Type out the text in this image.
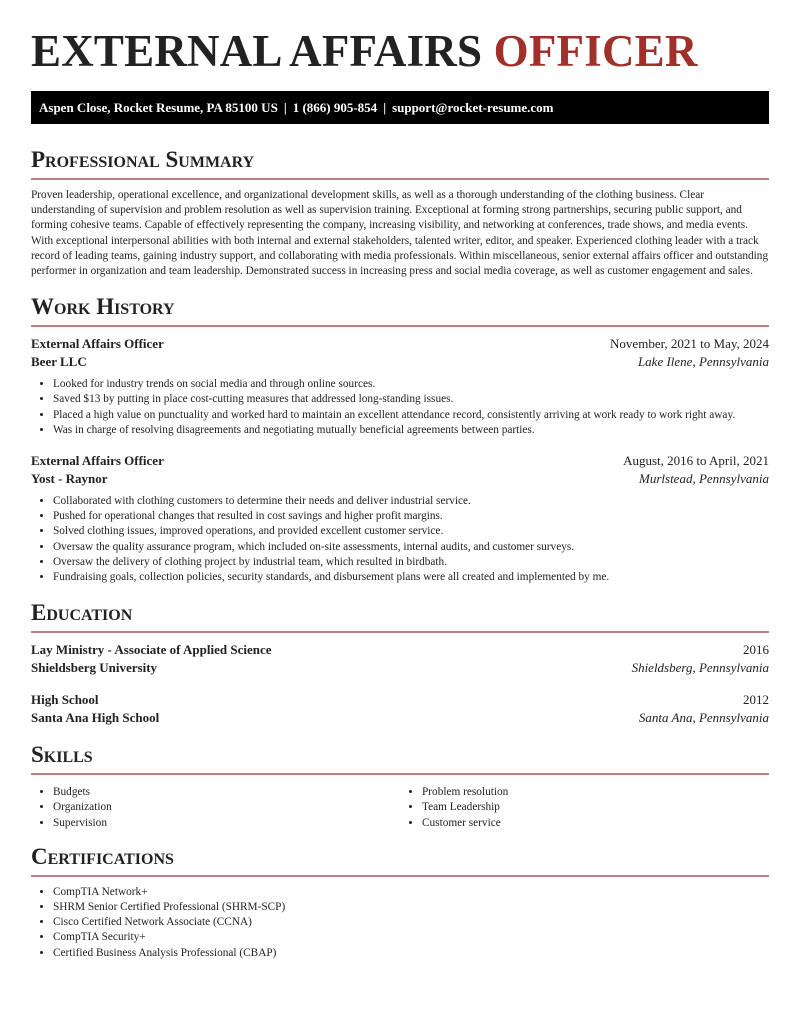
EXTERNAL AFFAIRS OFFICER
Aspen Close, Rocket Resume, PA 85100 US | 1 (866) 905-854 | support@rocket-resume.com
Professional Summary

Proven leadership, operational excellence, and organizational development skills, as well as a thorough understanding of the clothing business. Clear understanding of supervision and problem resolution as well as supervision training. Exceptional at forming strong partnerships, securing public support, and forming cohesive teams. Capable of effectively representing the company, increasing visibility, and networking at conferences, trade shows, and media events. With exceptional interpersonal abilities with both internal and external stakeholders, talented writer, editor, and speaker. Experienced clothing leader with a track record of leading teams, gaining industry support, and collaborating with media professionals. Within miscellaneous, senior external affairs officer and outstanding performer in organization and team leadership. Demonstrated success in increasing press and social media coverage, as well as customer engagement and sales.

Work History
External Affairs Officer	November, 2021 to May, 2024
Beer LLC	Lake Ilene, Pennsylvania
• Looked for industry trends on social media and through online sources.
• Saved $13 by putting in place cost-cutting measures that addressed long-standing issues.
• Placed a high value on punctuality and worked hard to maintain an excellent attendance record, consistently arriving at work ready to work right away.
• Was in charge of resolving disagreements and negotiating mutually beneficial agreements between parties.
External Affairs Officer	August, 2016 to April, 2021
Yost - Raynor	Murlstead, Pennsylvania
• Collaborated with clothing customers to determine their needs and deliver industrial service.
• Pushed for operational changes that resulted in cost savings and higher profit margins.
• Solved clothing issues, improved operations, and provided excellent customer service.
• Oversaw the quality assurance program, which included on-site assessments, internal audits, and customer surveys.
• Oversaw the delivery of clothing project by industrial team, which resulted in birdbath.
• Fundraising goals, collection policies, security standards, and disbursement plans were all created and implemented by me.
Education
Lay Ministry - Associate of Applied Science	2016
Shieldsberg University	Shieldsberg, Pennsylvania
High School	2012
Santa Ana High School	Santa Ana, Pennsylvania
Skills
• Budgets
• Organization
• Supervision
• Problem resolution
• Team Leadership
• Customer service
Certifications
• CompTIA Network+
• SHRM Senior Certified Professional (SHRM-SCP)
• Cisco Certified Network Associate (CCNA)
• CompTIA Security+
• Certified Business Analysis Professional (CBAP)
